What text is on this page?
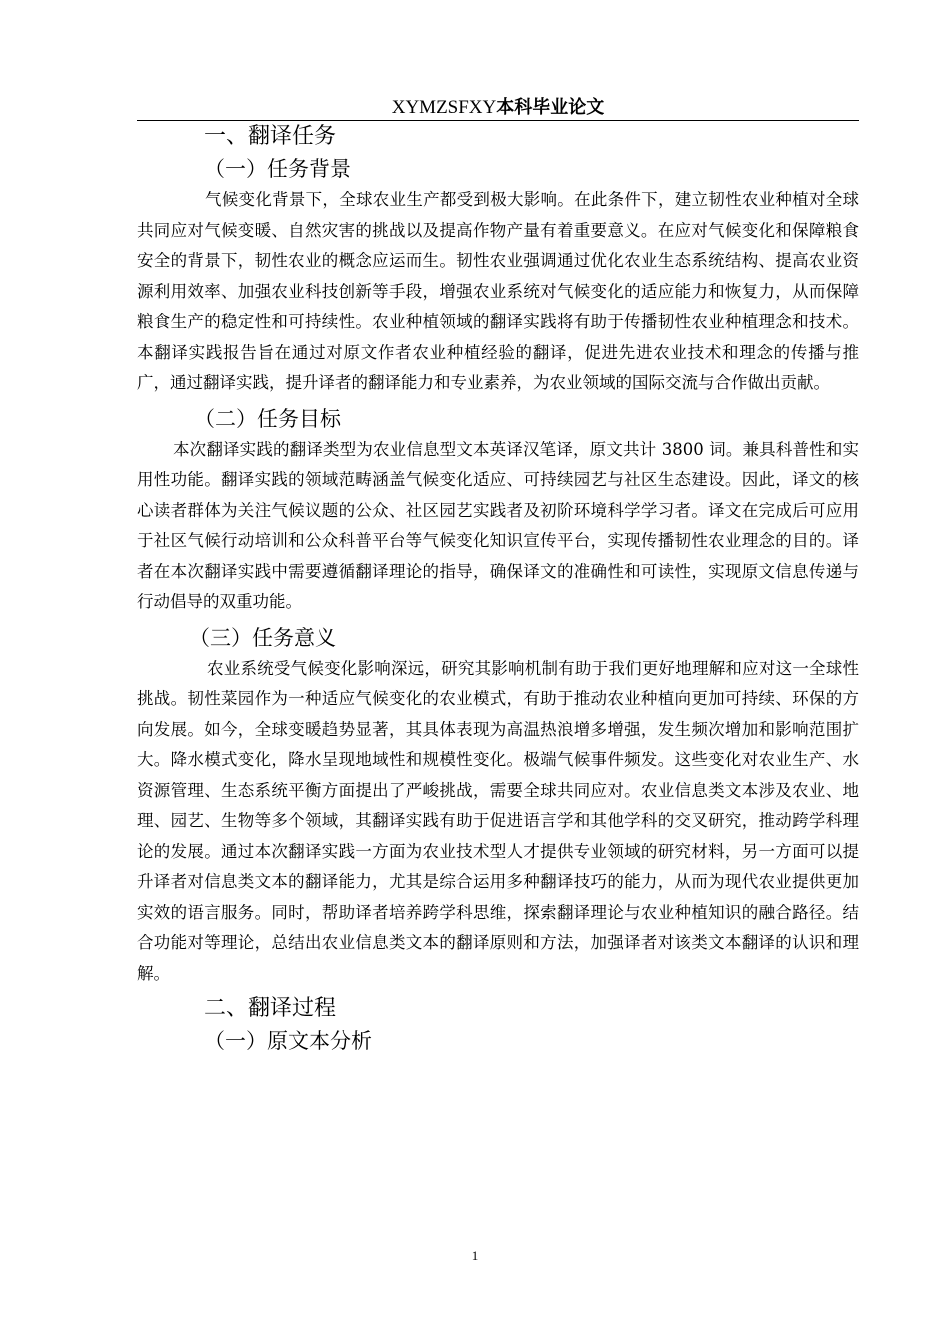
XYMZSFXY本科毕业论文
一、翻译任务
（一）任务背景

气候变化背景下，全球农业生产都受到极大影响。在此条件下，建立韧性农业种植对全球共同应对气候变暖、自然灾害的挑战以及提高作物产量有着重要意义。在应对气候变化和保障粮食安全的背景下，韧性农业的概念应运而生。韧性农业强调通过优化农业生态系统结构、提高农业资源利用效率、加强农业科技创新等手段，增强农业系统对气候变化的适应能力和恢复力，从而保障粮食生产的稳定性和可持续性。农业种植领域的翻译实践将有助于传播韧性农业种植理念和技术。本翻译实践报告旨在通过对原文作者农业种植经验的翻译，促进先进农业技术和理念的传播与推广，通过翻译实践，提升译者的翻译能力和专业素养，为农业领域的国际交流与合作做出贡献。

（二）任务目标

本次翻译实践的翻译类型为农业信息型文本英译汉笔译，原文共计 3800 词。兼具科普性和实用性功能。翻译实践的领域范畴涵盖气候变化适应、可持续园艺与社区生态建设。因此，译文的核心读者群体为关注气候议题的公众、社区园艺实践者及初阶环境科学学习者。译文在完成后可应用于社区气候行动培训和公众科普平台等气候变化知识宣传平台，实现传播韧性农业理念的目的。译者在本次翻译实践中需要遵循翻译理论的指导，确保译文的准确性和可读性，实现原文信息传递与行动倡导的双重功能。

（三）任务意义

农业系统受气候变化影响深远，研究其影响机制有助于我们更好地理解和应对这一全球性挑战。韧性菜园作为一种适应气候变化的农业模式，有助于推动农业种植向更加可持续、环保的方向发展。如今，全球变暖趋势显著，其具体表现为高温热浪增多增强，发生频次增加和影响范围扩大。降水模式变化，降水呈现地域性和规模性变化。极端气候事件频发。这些变化对农业生产、水资源管理、生态系统平衡方面提出了严峻挑战，需要全球共同应对。农业信息类文本涉及农业、地理、园艺、生物等多个领域，其翻译实践有助于促进语言学和其他学科的交叉研究，推动跨学科理论的发展。通过本次翻译实践一方面为农业技术型人才提供专业领域的研究材料，另一方面可以提升译者对信息类文本的翻译能力，尤其是综合运用多种翻译技巧的能力，从而为现代农业提供更加实效的语言服务。同时，帮助译者培养跨学科思维，探索翻译理论与农业种植知识的融合路径。结合功能对等理论，总结出农业信息类文本的翻译原则和方法，加强译者对该类文本翻译的认识和理解。

二、翻译过程
（一）原文本分析
1
